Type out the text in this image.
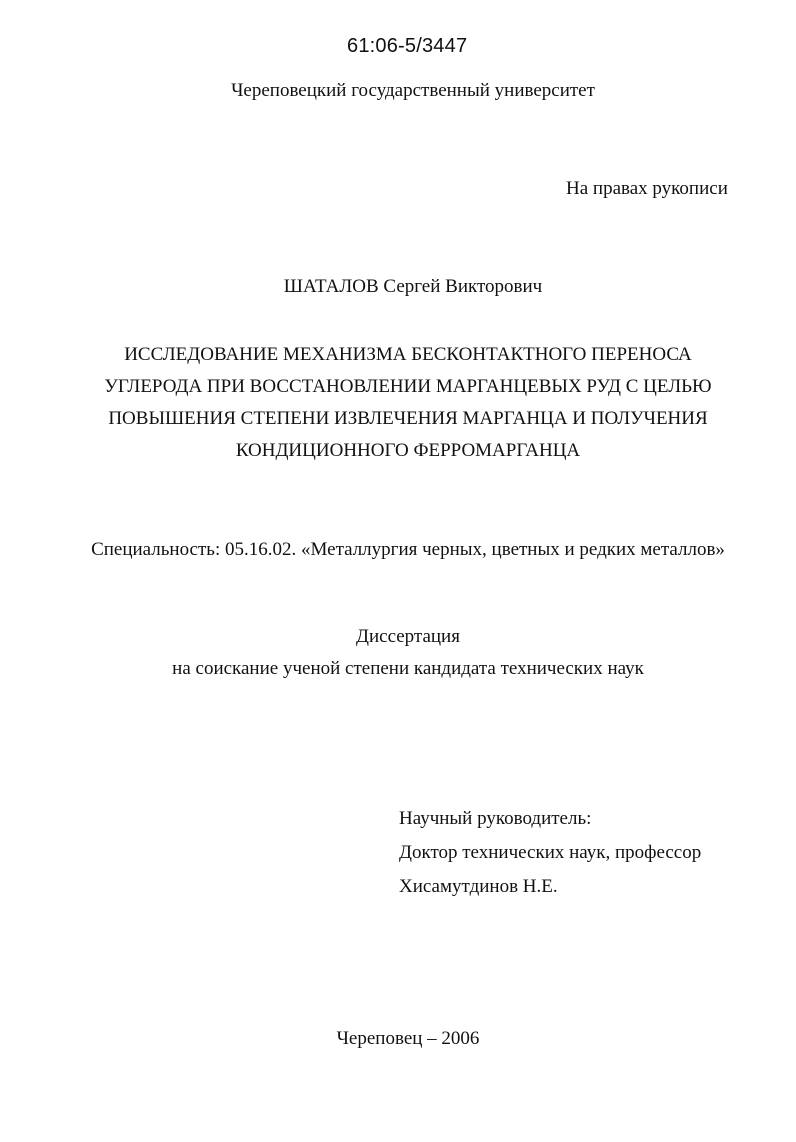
61:06-5/3447
Череповецкий государственный университет
На правах рукописи
ШАТАЛОВ Сергей Викторович
ИССЛЕДОВАНИЕ МЕХАНИЗМА БЕСКОНТАКТНОГО ПЕРЕНОСА
УГЛЕРОДА ПРИ ВОССТАНОВЛЕНИИ МАРГАНЦЕВЫХ РУД С ЦЕЛЬЮ
ПОВЫШЕНИЯ СТЕПЕНИ ИЗВЛЕЧЕНИЯ МАРГАНЦА И ПОЛУЧЕНИЯ
КОНДИЦИОННОГО ФЕРРОМАРГАНЦА
Специальность: 05.16.02. «Металлургия черных, цветных и редких металлов»
Диссертация
на соискание ученой степени кандидата технических наук
Научный руководитель:
Доктор технических наук, профессор
Хисамутдинов Н.Е.
Череповец – 2006
